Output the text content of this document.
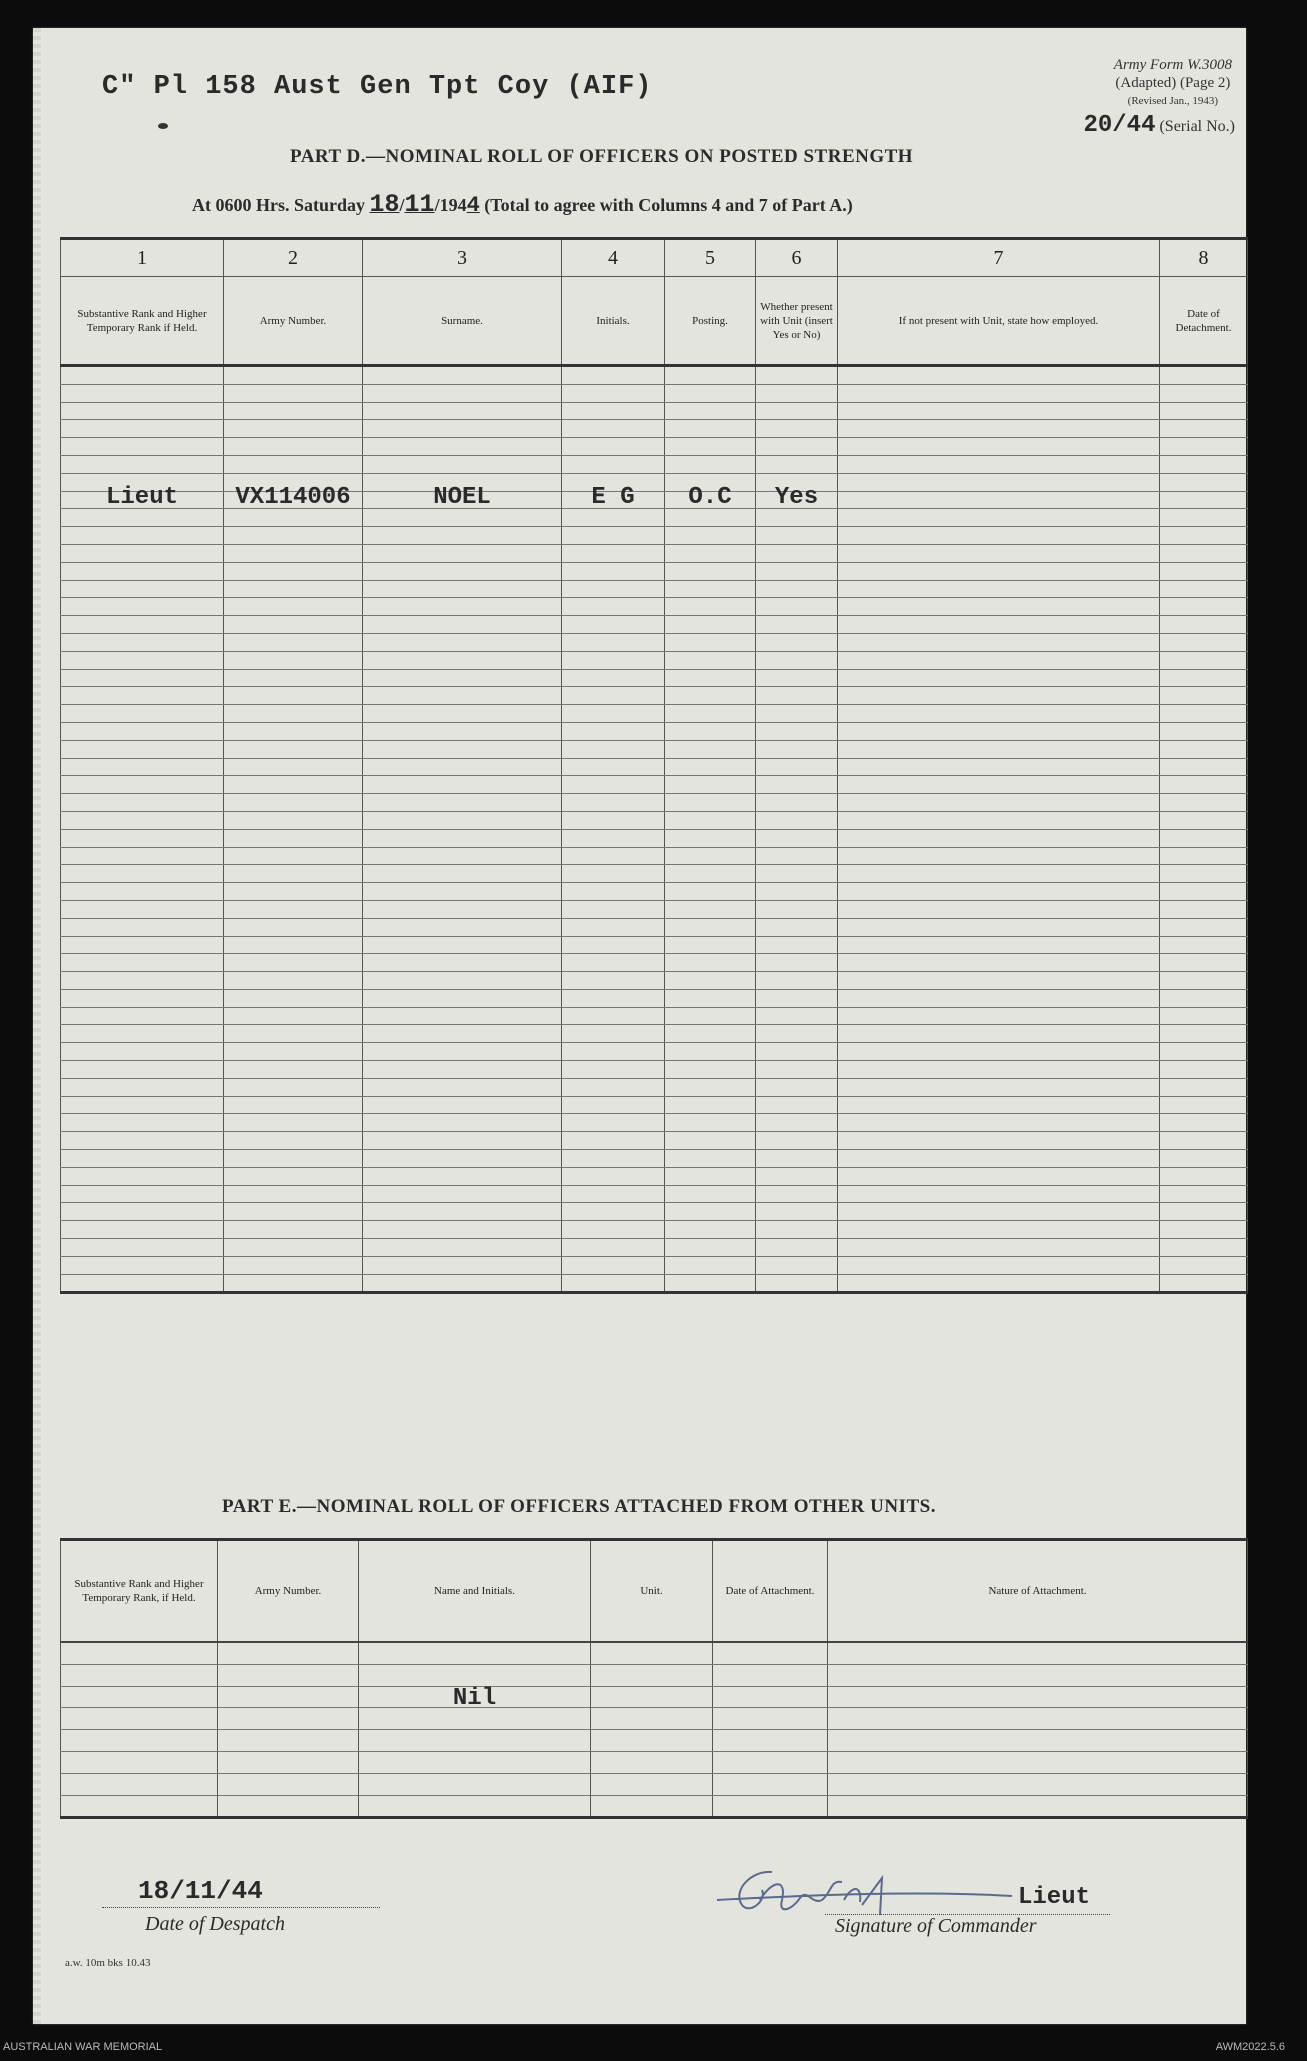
C" Pl 158 Aust Gen Tpt Coy (AIF)
Army Form W.3008
(Adapted) (Page 2)
(Revised Jan., 1943)
20/44 (Serial No.)
PART D.—NOMINAL ROLL OF OFFICERS ON POSTED STRENGTH
At 0600 Hrs. Saturday 18/11/1944 (Total to agree with Columns 4 and 7 of Part A.)
1	2	3	4	5	6	7	8
Substantive Rank and Higher Temporary Rank if Held.	Army Number.	Surname.	Initials.	Posting.	Whether present with Unit (insert Yes or No)	If not present with Unit, state how employed.	Date of Detachment.

Lieut	VX114006	NOEL	E G	O.C	Yes		

PART E.—NOMINAL ROLL OF OFFICERS ATTACHED FROM OTHER UNITS.
Substantive Rank and Higher Temporary Rank, if Held.	Army Number.	Name and Initials.	Unit.	Date of Attachment.	Nature of Attachment.

		Nil			

18/11/44
Date of Despatch
Lieut
Signature of Commander
a.w. 10m bks 10.43
AUSTRALIAN WAR MEMORIAL	AWM2022.5.6
